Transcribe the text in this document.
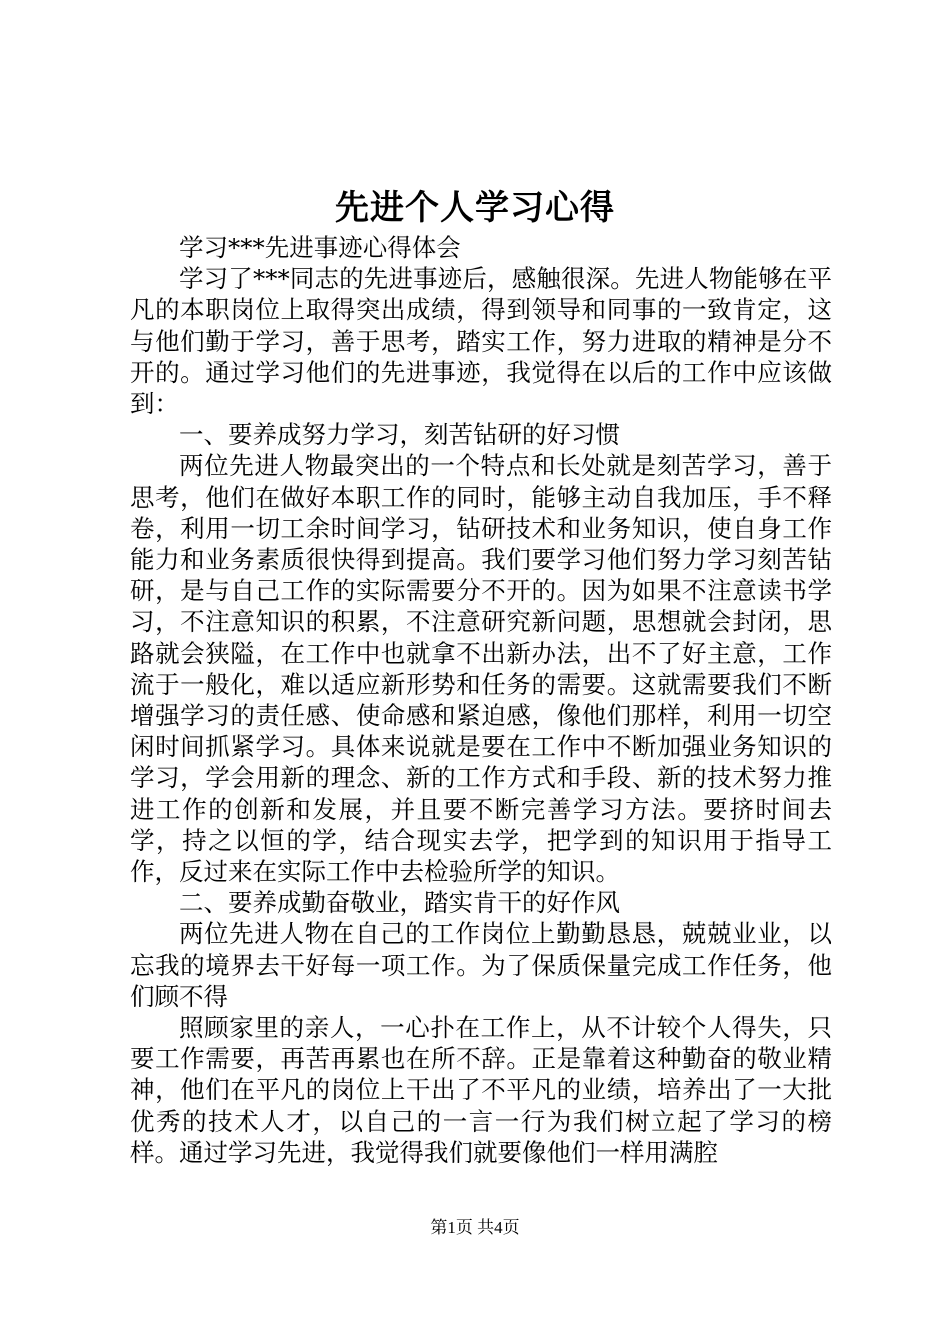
先进个人学习心得

学习***先进事迹心得体会

学习了***同志的先进事迹后，感触很深。先进人物能够在平凡的本职岗位上取得突出成绩，得到领导和同事的一致肯定，这与他们勤于学习，善于思考，踏实工作，努力进取的精神是分不开的。通过学习他们的先进事迹，我觉得在以后的工作中应该做到：

一、要养成努力学习，刻苦钻研的好习惯

两位先进人物最突出的一个特点和长处就是刻苦学习，善于思考，他们在做好本职工作的同时，能够主动自我加压，手不释卷，利用一切工余时间学习，钻研技术和业务知识，使自身工作能力和业务素质很快得到提高。我们要学习他们努力学习刻苦钻研，是与自己工作的实际需要分不开的。因为如果不注意读书学习，不注意知识的积累，不注意研究新问题，思想就会封闭，思路就会狭隘，在工作中也就拿不出新办法，出不了好主意，工作流于一般化，难以适应新形势和任务的需要。这就需要我们不断增强学习的责任感、使命感和紧迫感，像他们那样，利用一切空闲时间抓紧学习。具体来说就是要在工作中不断加强业务知识的学习，学会用新的理念、新的工作方式和手段、新的技术努力推进工作的创新和发展，并且要不断完善学习方法。要挤时间去学，持之以恒的学，结合现实去学，把学到的知识用于指导工作，反过来在实际工作中去检验所学的知识。

二、要养成勤奋敬业，踏实肯干的好作风

两位先进人物在自己的工作岗位上勤勤恳恳，兢兢业业，以忘我的境界去干好每一项工作。为了保质保量完成工作任务，他们顾不得

照顾家里的亲人，一心扑在工作上，从不计较个人得失，只要工作需要，再苦再累也在所不辞。正是靠着这种勤奋的敬业精神，他们在平凡的岗位上干出了不平凡的业绩，培养出了一大批优秀的技术人才，以自己的一言一行为我们树立起了学习的榜样。通过学习先进，我觉得我们就要像他们一样用满腔

第1页 共4页
